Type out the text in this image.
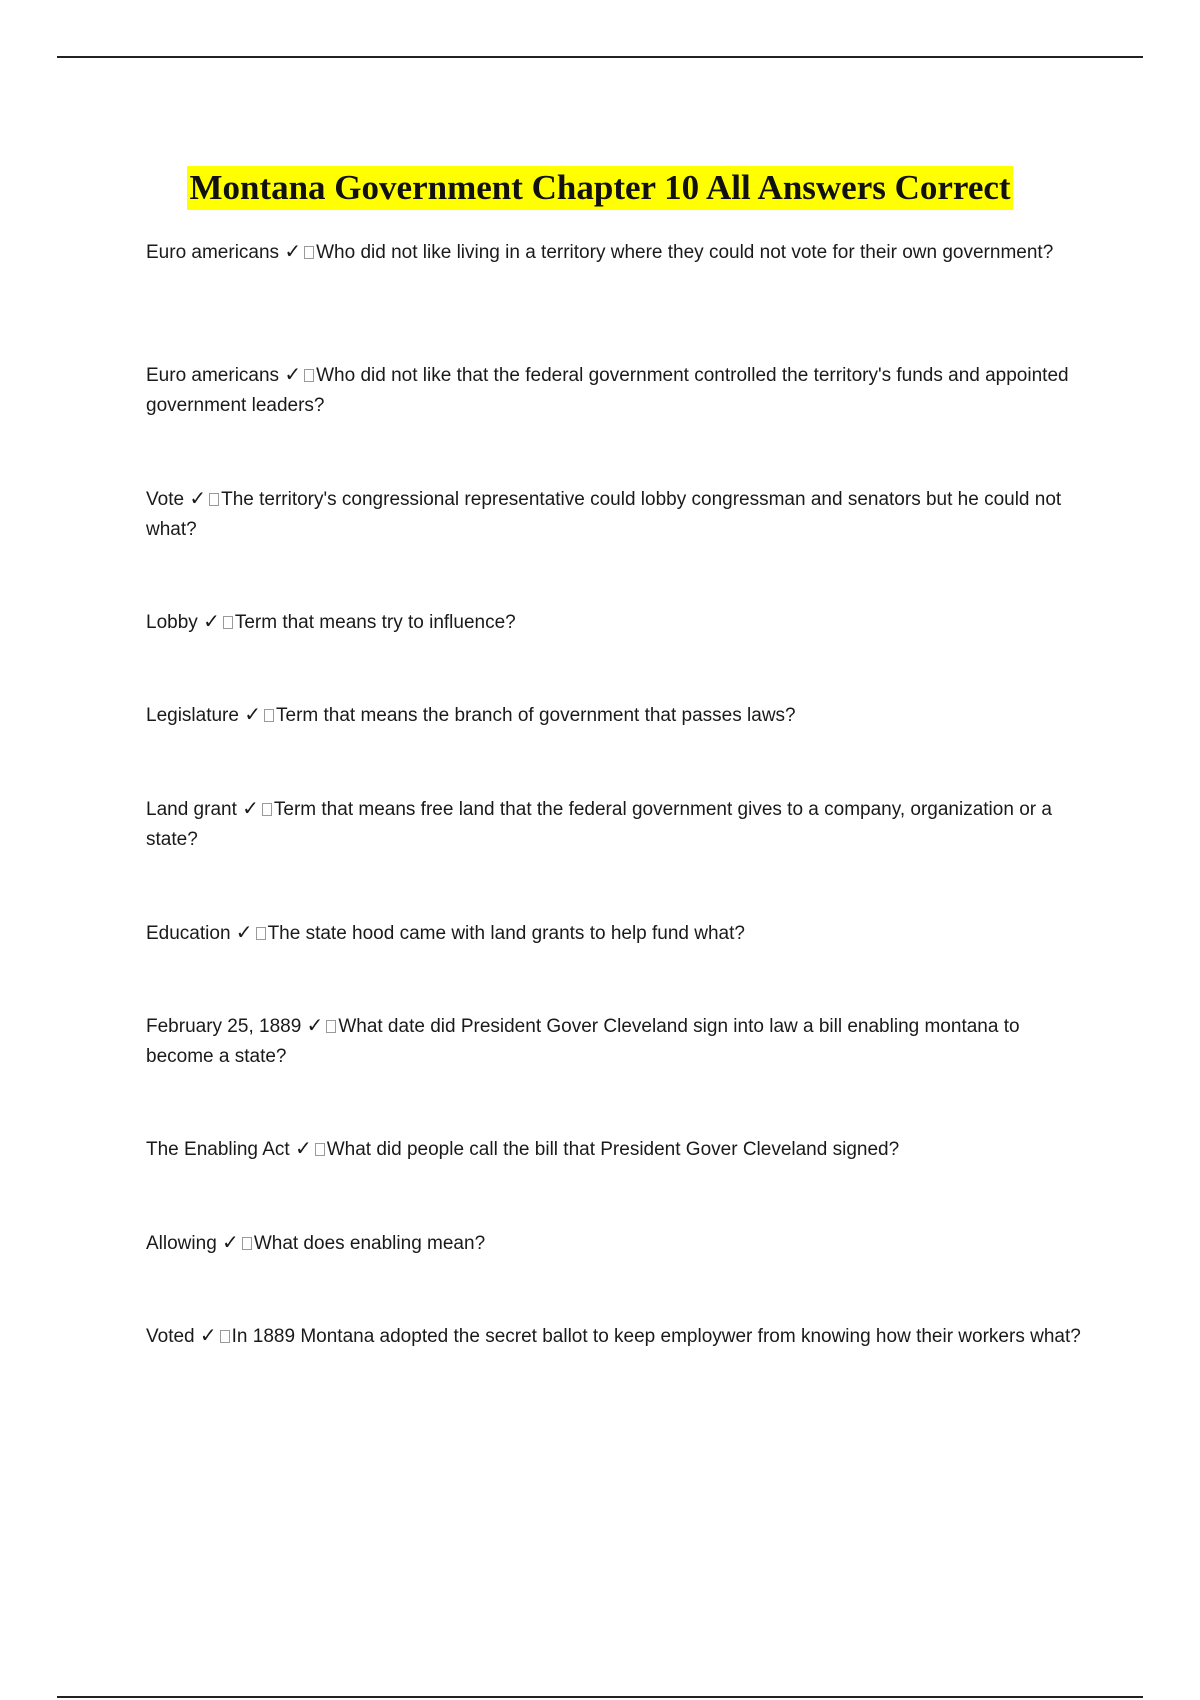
Montana Government Chapter 10 All Answers Correct

Euro americans ✓ Who did not like living in a territory where they could not vote for their own government?

Euro americans ✓ Who did not like that the federal government controlled the territory's funds and appointed government leaders?

Vote ✓ The territory's congressional representative could lobby congressman and senators but he could not what?

Lobby ✓ Term that means try to influence?

Legislature ✓ Term that means the branch of government that passes laws?

Land grant ✓ Term that means free land that the federal government gives to a company, organization or a state?

Education ✓ The state hood came with land grants to help fund what?

February 25, 1889 ✓ What date did President Gover Cleveland sign into law a bill enabling montana to become a state?

The Enabling Act ✓ What did people call the bill that President Gover Cleveland signed?

Allowing ✓ What does enabling mean?

Voted ✓ In 1889 Montana adopted the secret ballot to keep employwer from knowing how their workers what?
